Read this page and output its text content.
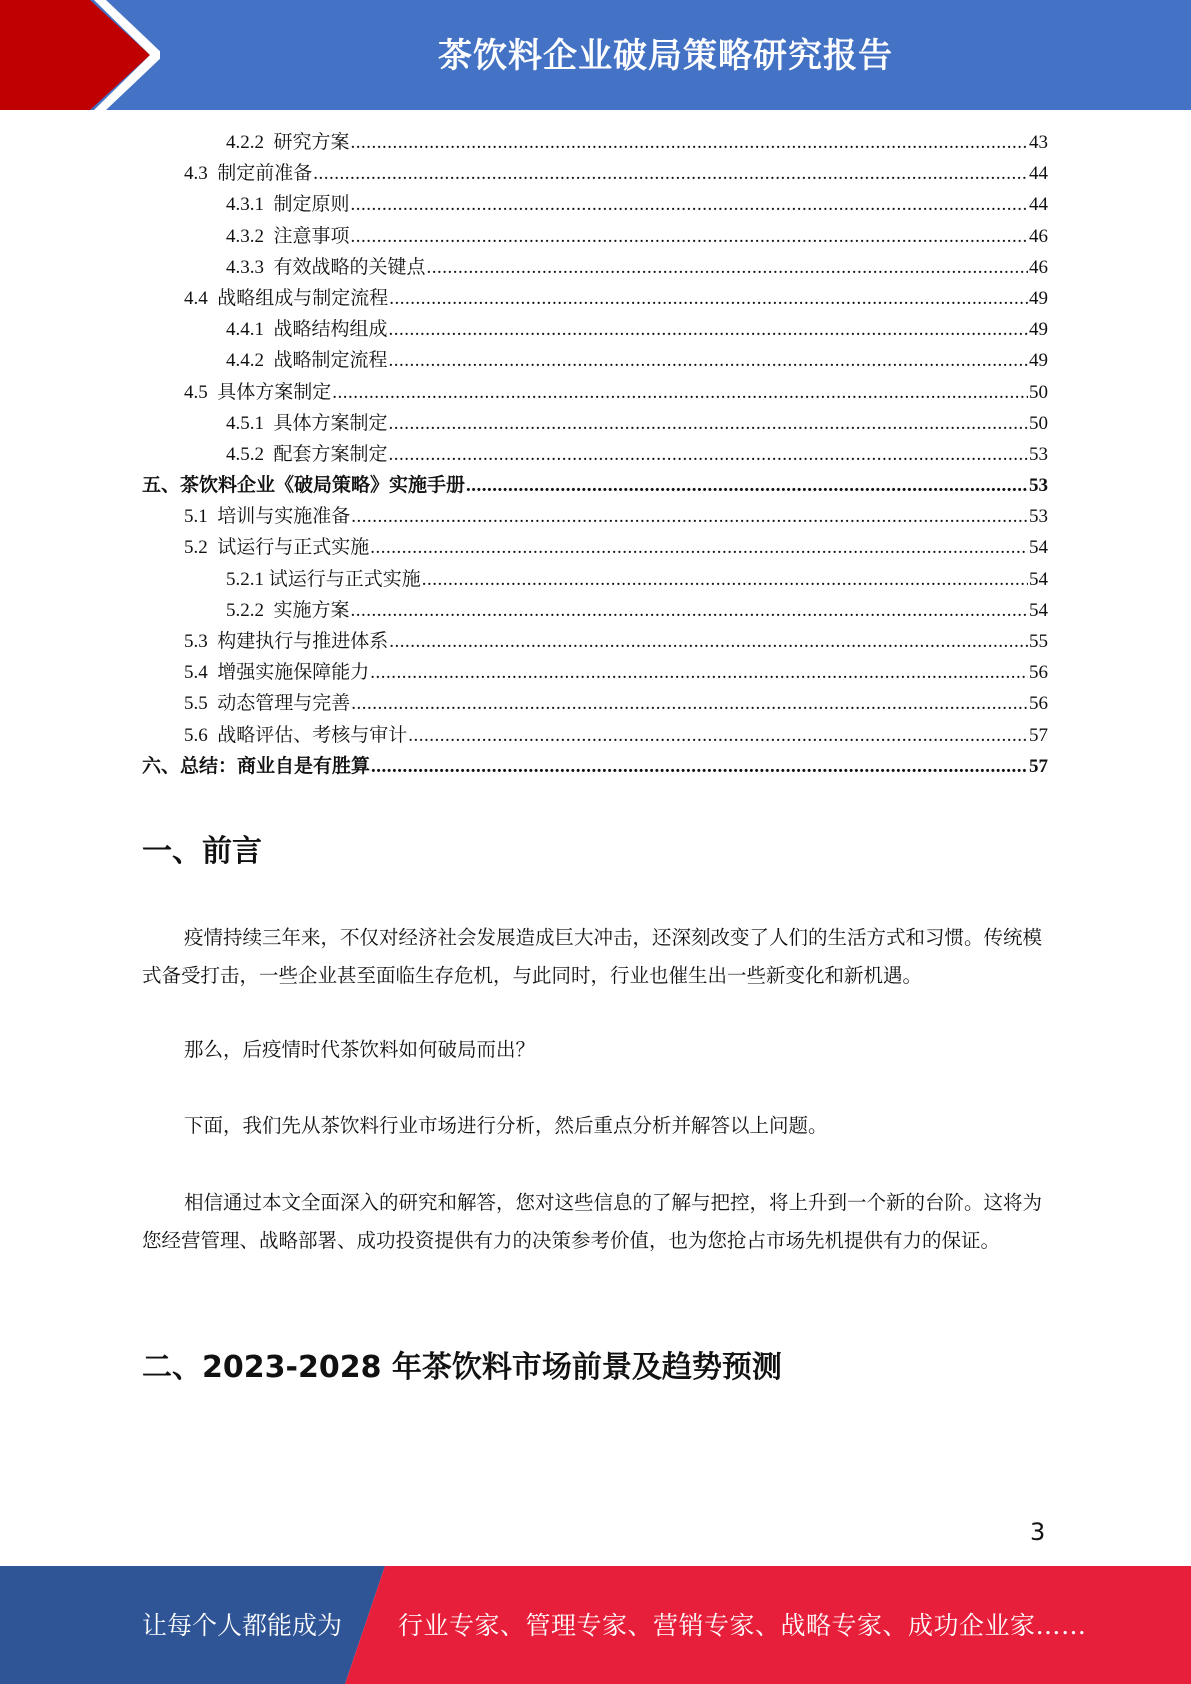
茶饮料企业破局策略研究报告
4.2.2 研究方案 .....	43
4.3 制定前准备 .....	44
4.3.1 制定原则 .....	44
4.3.2 注意事项 .....	46
4.3.3 有效战略的关键点 .....	46
4.4 战略组成与制定流程 .....	49
4.4.1 战略结构组成 .....	49
4.4.2 战略制定流程 .....	49
4.5 具体方案制定 .....	50
4.5.1 具体方案制定 .....	50
4.5.2 配套方案制定 .....	53
五、茶饮料企业《破局策略》实施手册 .....	53
5.1 培训与实施准备 .....	53
5.2 试运行与正式实施 .....	54
5.2.1 试运行与正式实施 .....	54
5.2.2 实施方案 .....	54
5.3 构建执行与推进体系 .....	55
5.4 增强实施保障能力 .....	56
5.5 动态管理与完善 .....	56
5.6 战略评估、考核与审计 .....	57
六、总结：商业自是有胜算 .....	57
一、前言
疫情持续三年来，不仅对经济社会发展造成巨大冲击，还深刻改变了人们的生活方式和习惯。传统模式备受打击，一些企业甚至面临生存危机，与此同时，行业也催生出一些新变化和新机遇。
那么，后疫情时代茶饮料如何破局而出？
下面，我们先从茶饮料行业市场进行分析，然后重点分析并解答以上问题。
相信通过本文全面深入的研究和解答，您对这些信息的了解与把控，将上升到一个新的台阶。这将为您经营管理、战略部署、成功投资提供有力的决策参考价值，也为您抢占市场先机提供有力的保证。
二、2023-2028 年茶饮料市场前景及趋势预测
3
让每个人都能成为 行业专家、管理专家、营销专家、战略专家、成功企业家……
